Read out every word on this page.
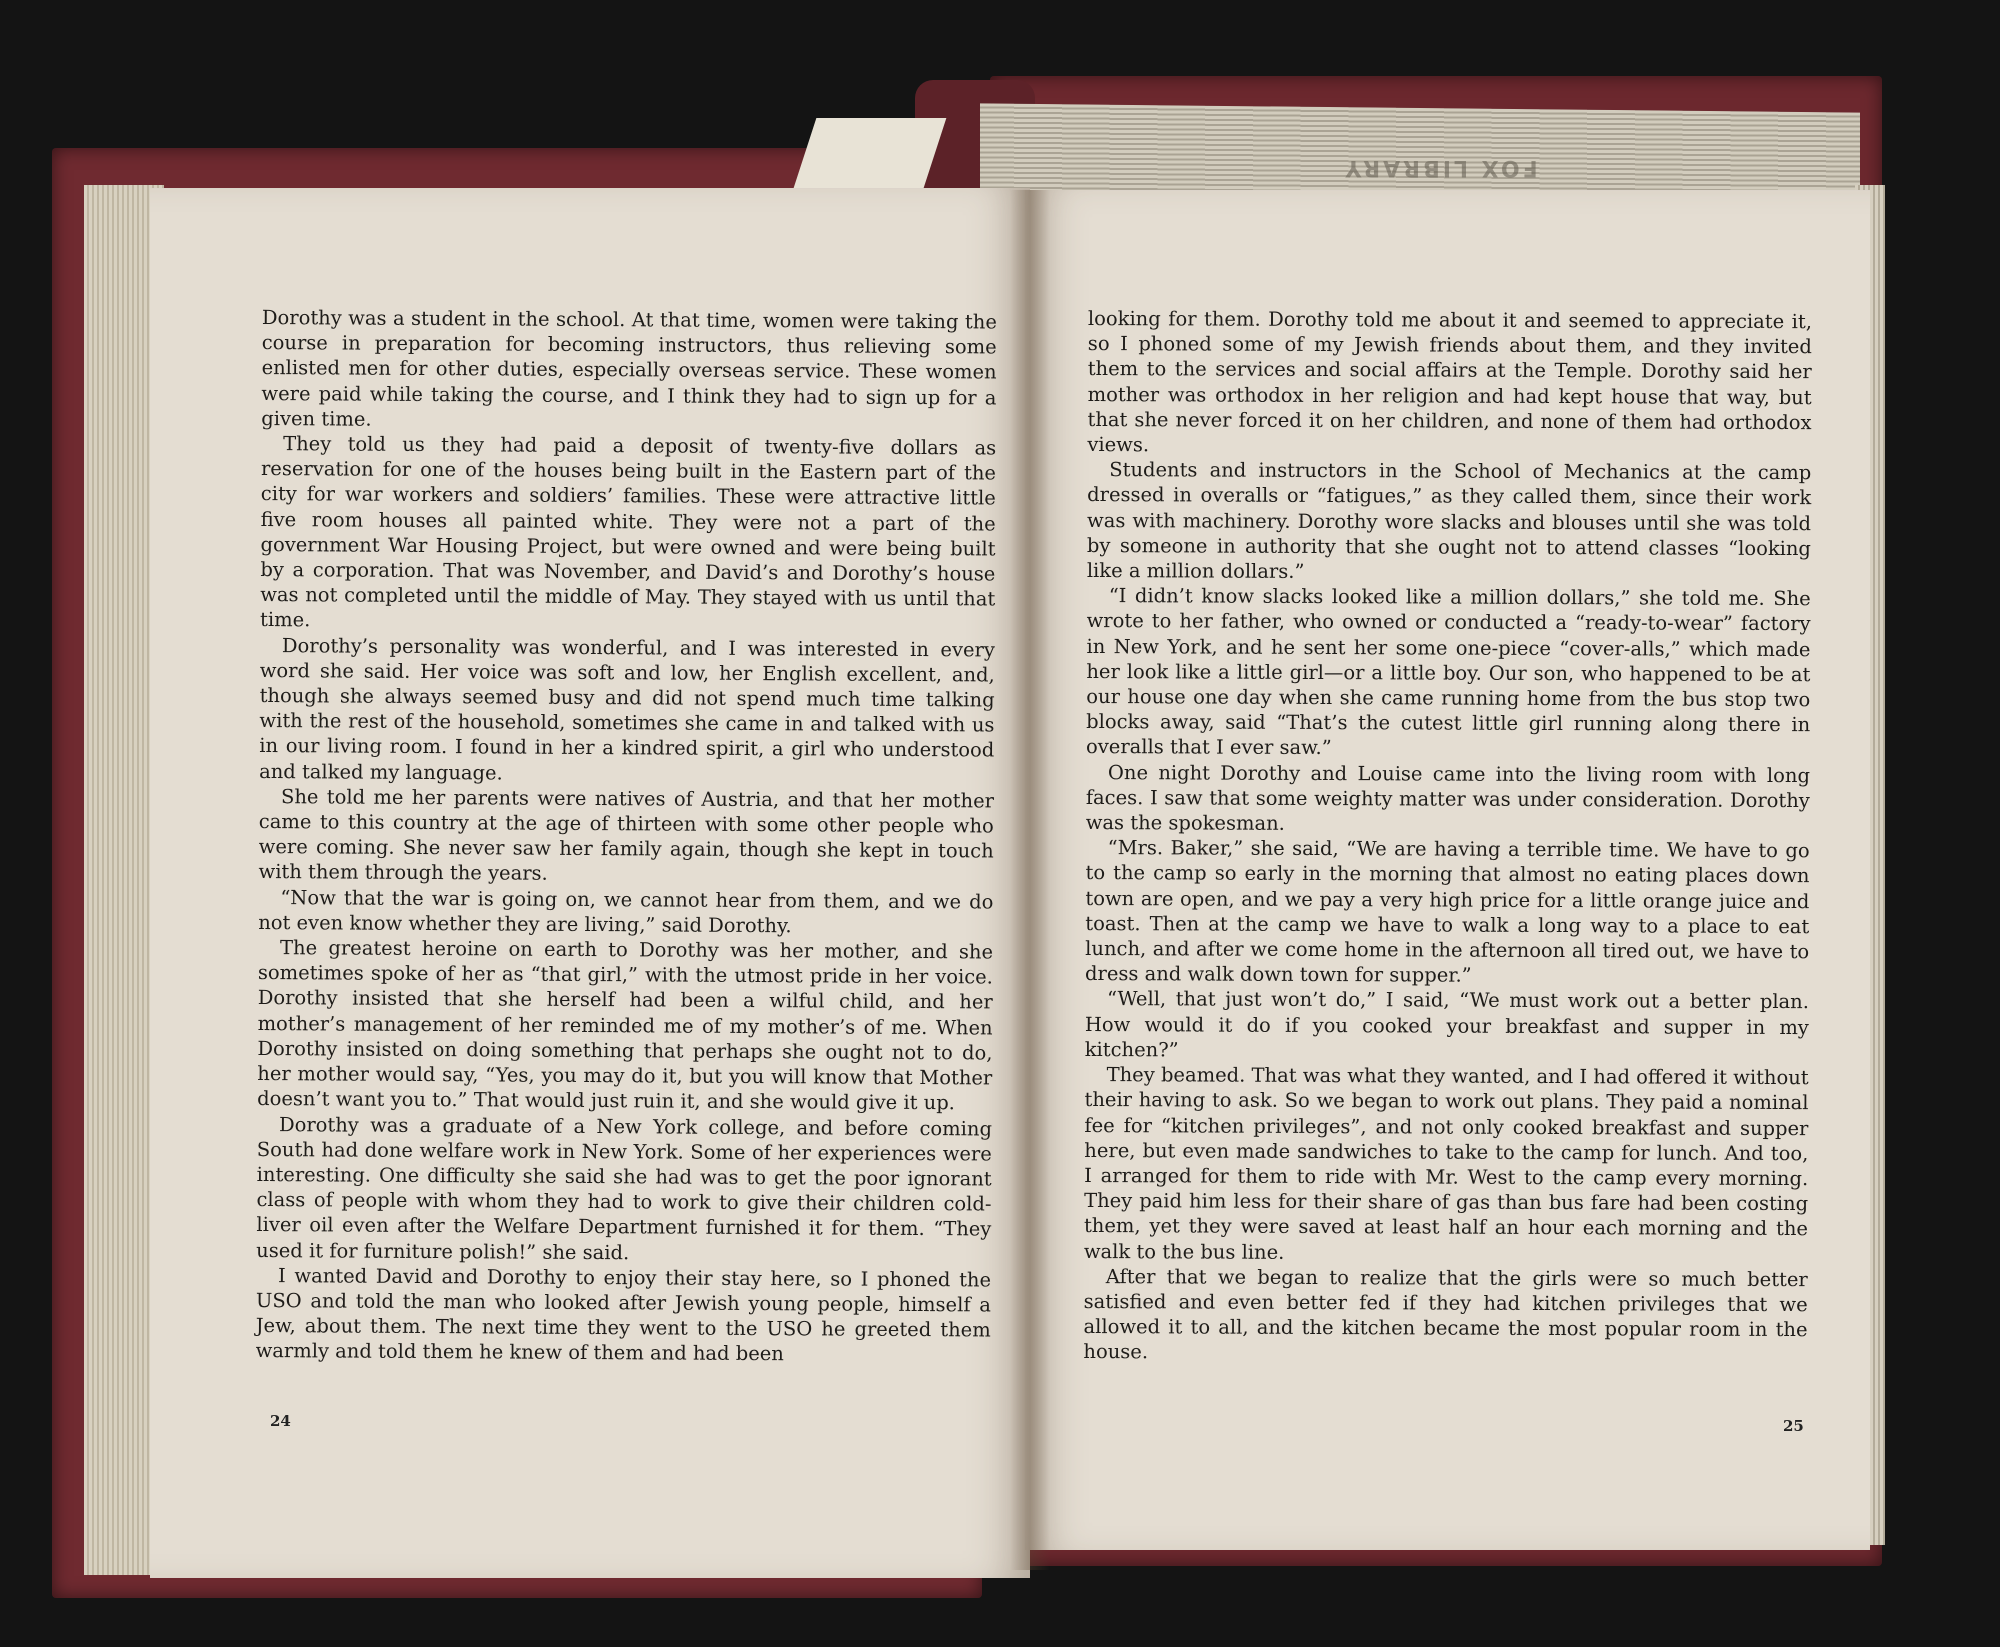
FOX LIBRARY

Dorothy was a student in the school. At that time, women were taking the course in preparation for becoming instructors, thus relieving some enlisted men for other duties, especially overseas service. These women were paid while taking the course, and I think they had to sign up for a given time.

They told us they had paid a deposit of twenty-five dollars as reservation for one of the houses being built in the Eastern part of the city for war workers and soldiers’ families. These were attractive little five room houses all painted white. They were not a part of the government War Housing Project, but were owned and were being built by a corporation. That was November, and David’s and Dorothy’s house was not completed until the middle of May. They stayed with us until that time.

Dorothy’s personality was wonderful, and I was interested in every word she said. Her voice was soft and low, her English excellent, and, though she always seemed busy and did not spend much time talking with the rest of the household, sometimes she came in and talked with us in our living room. I found in her a kindred spirit, a girl who understood and talked my language.

She told me her parents were natives of Austria, and that her mother came to this country at the age of thirteen with some other people who were coming. She never saw her family again, though she kept in touch with them through the years.

“Now that the war is going on, we cannot hear from them, and we do not even know whether they are living,” said Dorothy.

The greatest heroine on earth to Dorothy was her mother, and she sometimes spoke of her as “that girl,” with the utmost pride in her voice. Dorothy insisted that she herself had been a wilful child, and her mother’s management of her reminded me of my mother’s of me. When Dorothy insisted on doing something that perhaps she ought not to do, her mother would say, “Yes, you may do it, but you will know that Mother doesn’t want you to.” That would just ruin it, and she would give it up.

Dorothy was a graduate of a New York college, and before coming South had done welfare work in New York. Some of her experiences were interesting. One difficulty she said she had was to get the poor ignorant class of people with whom they had to work to give their children cold-liver oil even after the Welfare Department furnished it for them. “They used it for furniture polish!” she said.

I wanted David and Dorothy to enjoy their stay here, so I phoned the USO and told the man who looked after Jewish young people, himself a Jew, about them. The next time they went to the USO he greeted them warmly and told them he knew of them and had been

24

looking for them. Dorothy told me about it and seemed to appreciate it, so I phoned some of my Jewish friends about them, and they invited them to the services and social affairs at the Temple. Dorothy said her mother was orthodox in her religion and had kept house that way, but that she never forced it on her children, and none of them had orthodox views.

Students and instructors in the School of Mechanics at the camp dressed in overalls or “fatigues,” as they called them, since their work was with machinery. Dorothy wore slacks and blouses until she was told by someone in authority that she ought not to attend classes “looking like a million dollars.”

“I didn’t know slacks looked like a million dollars,” she told me. She wrote to her father, who owned or conducted a “ready-to-wear” factory in New York, and he sent her some one-piece “cover-alls,” which made her look like a little girl—or a little boy. Our son, who happened to be at our house one day when she came running home from the bus stop two blocks away, said “That’s the cutest little girl running along there in overalls that I ever saw.”

One night Dorothy and Louise came into the living room with long faces. I saw that some weighty matter was under consideration. Dorothy was the spokesman.

“Mrs. Baker,” she said, “We are having a terrible time. We have to go to the camp so early in the morning that almost no eating places down town are open, and we pay a very high price for a little orange juice and toast. Then at the camp we have to walk a long way to a place to eat lunch, and after we come home in the afternoon all tired out, we have to dress and walk down town for supper.”

“Well, that just won’t do,” I said, “We must work out a better plan. How would it do if you cooked your breakfast and supper in my kitchen?”

They beamed. That was what they wanted, and I had offered it without their having to ask. So we began to work out plans. They paid a nominal fee for “kitchen privileges”, and not only cooked breakfast and supper here, but even made sandwiches to take to the camp for lunch. And too, I arranged for them to ride with Mr. West to the camp every morning. They paid him less for their share of gas than bus fare had been costing them, yet they were saved at least half an hour each morning and the walk to the bus line.

After that we began to realize that the girls were so much better satisfied and even better fed if they had kitchen privileges that we allowed it to all, and the kitchen became the most popular room in the house.

25
